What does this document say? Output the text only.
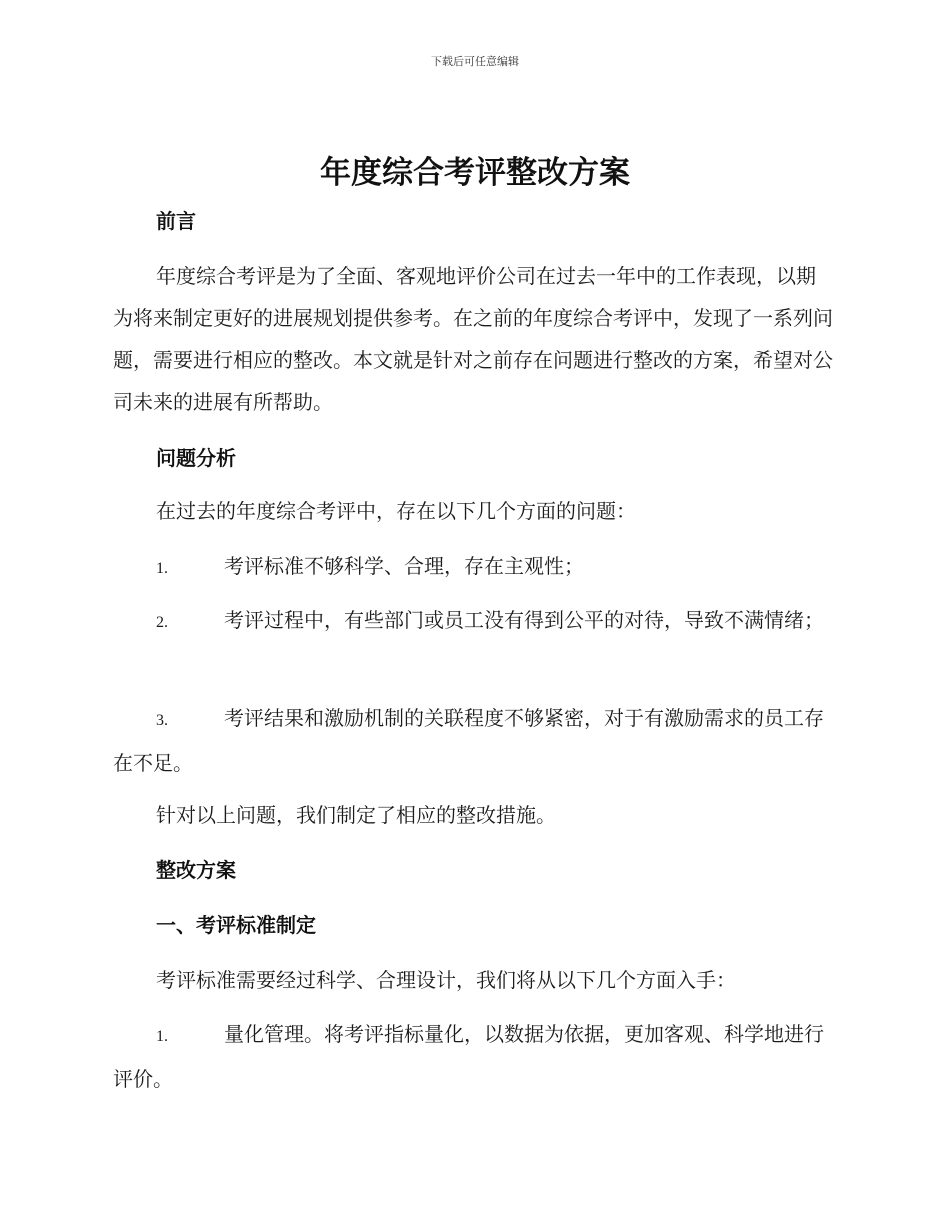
下载后可任意编辑
年度综合考评整改方案
前言

年度综合考评是为了全面、客观地评价公司在过去一年中的工作表现，以期为将来制定更好的进展规划提供参考。在之前的年度综合考评中，发现了一系列问题，需要进行相应的整改。本文就是针对之前存在问题进行整改的方案，希望对公司未来的进展有所帮助。

问题分析

在过去的年度综合考评中，存在以下几个方面的问题：

1.	考评标准不够科学、合理，存在主观性；
2.	考评过程中，有些部门或员工没有得到公平的对待，导致不满情绪；
3.	考评结果和激励机制的关联程度不够紧密，对于有激励需求的员工存在不足。

针对以上问题，我们制定了相应的整改措施。

整改方案
一、考评标准制定

考评标准需要经过科学、合理设计，我们将从以下几个方面入手：

1.	量化管理。将考评指标量化，以数据为依据，更加客观、科学地进行评价。
